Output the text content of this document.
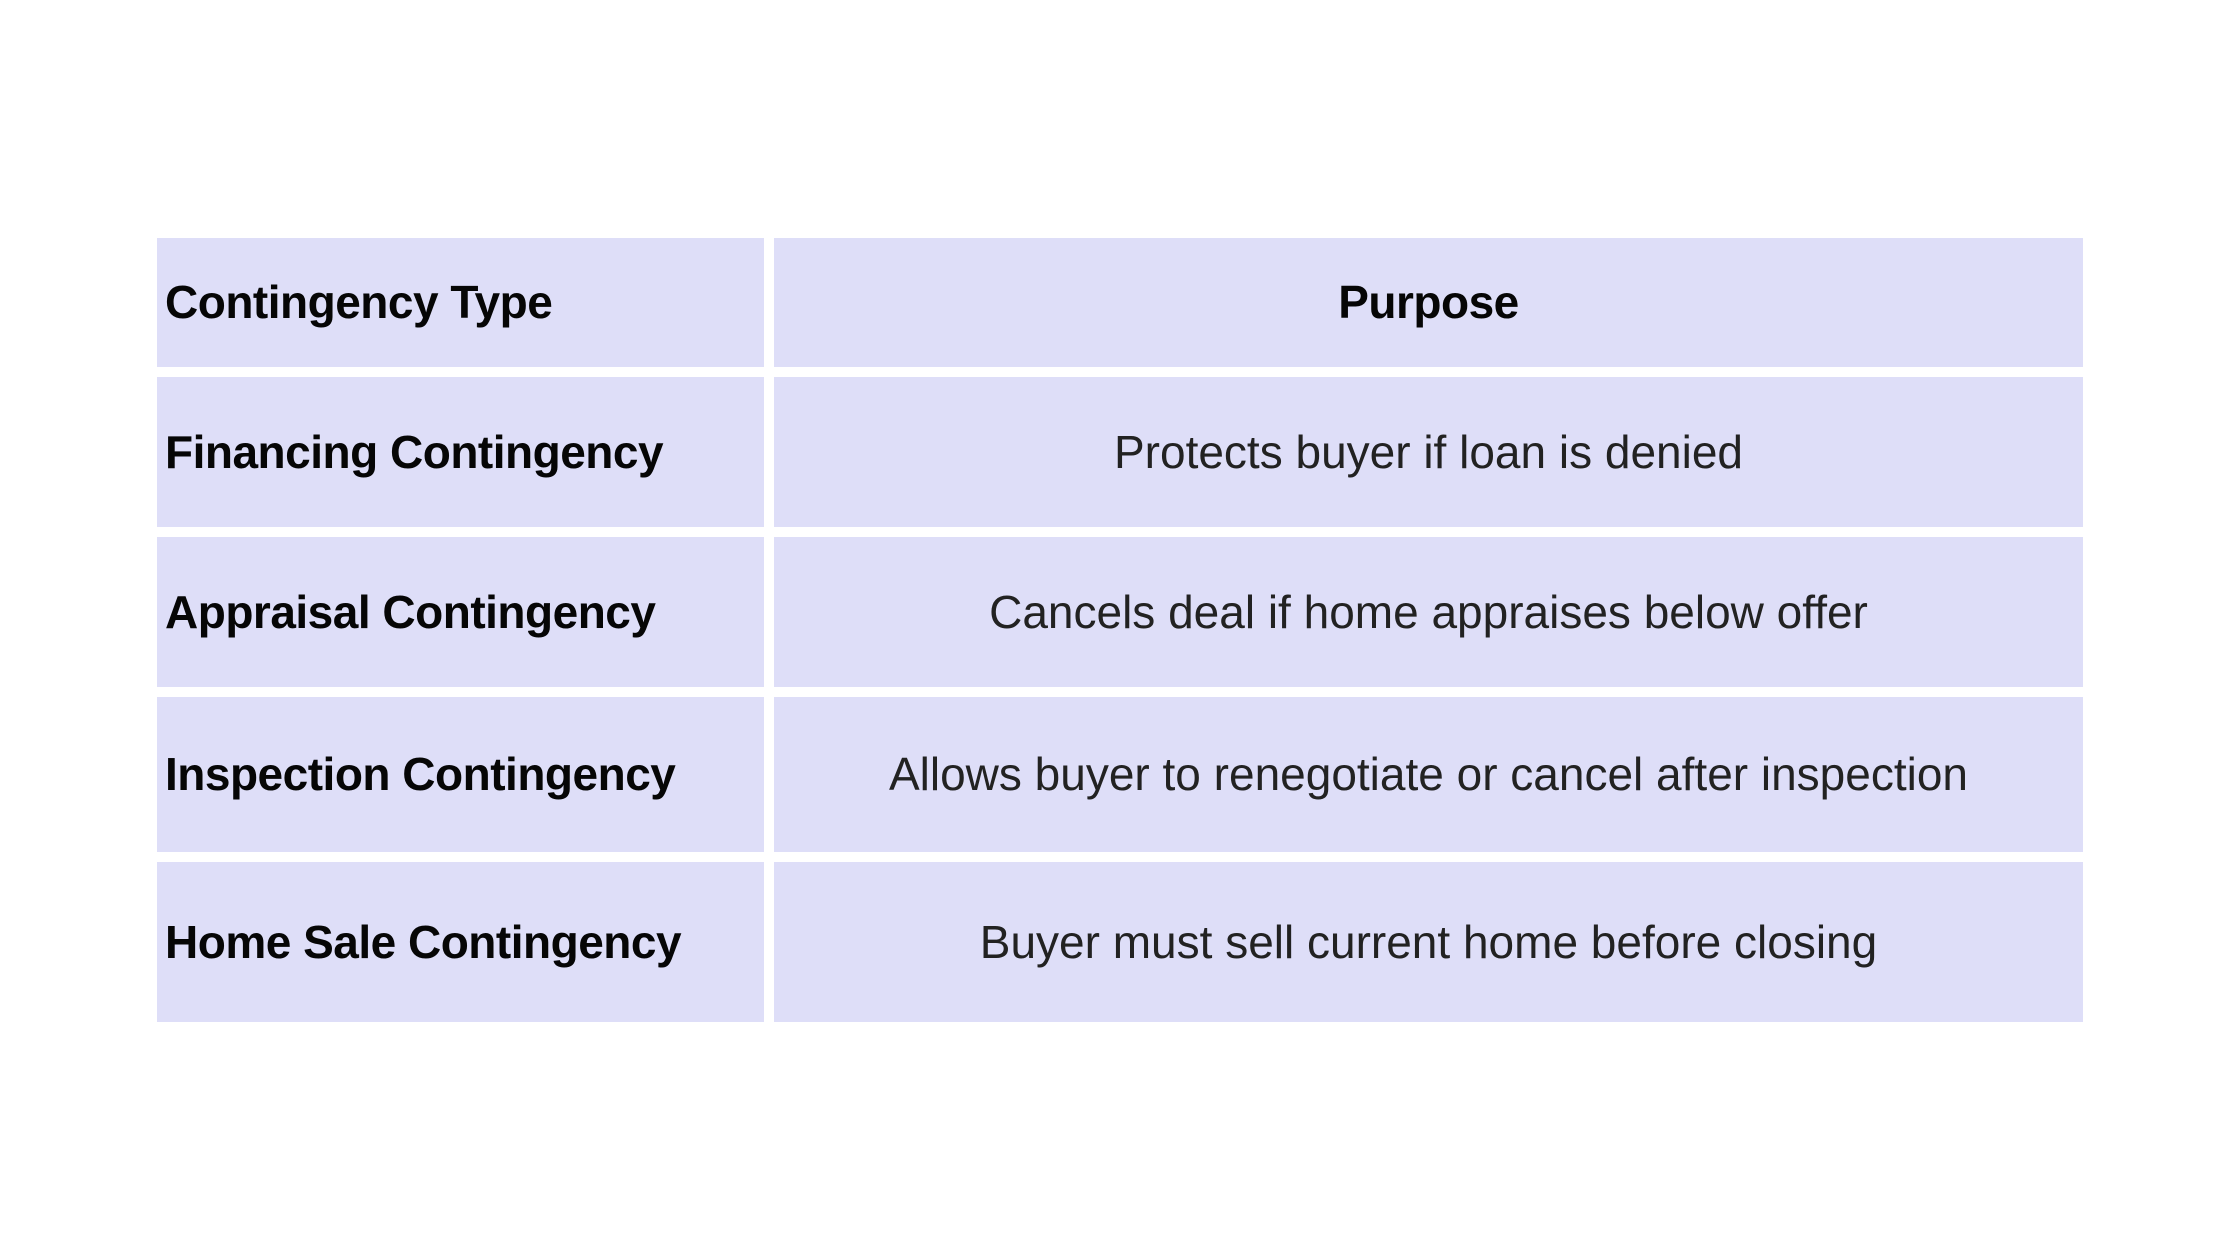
Contingency Type	Purpose
Financing Contingency	Protects buyer if loan is denied
Appraisal Contingency	Cancels deal if home appraises below offer
Inspection Contingency	Allows buyer to renegotiate or cancel after inspection
Home Sale Contingency	Buyer must sell current home before closing
